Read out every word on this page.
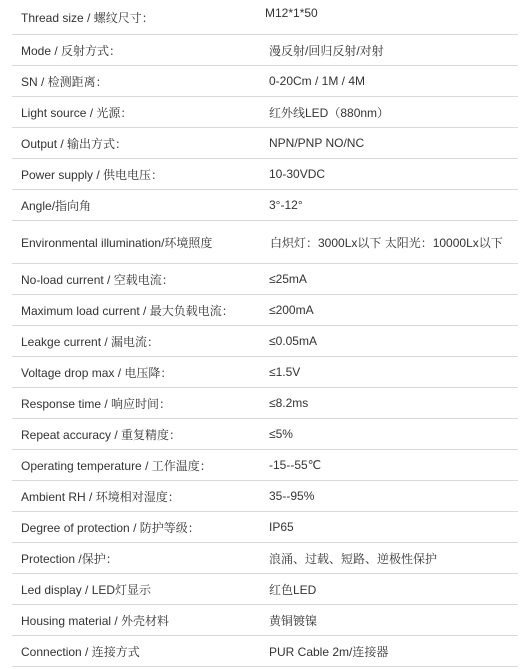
Thread size / 螺纹尺寸：	M12*1*50
Mode / 反射方式：	漫反射/回归反射/对射
SN / 检测距离：	0-20Cm / 1M / 4M
Light source / 光源：	红外线LED（880nm）
Output / 输出方式：	NPN/PNP NO/NC
Power supply / 供电电压：	10-30VDC
Angle/指向角	3°-12°
Environmental illumination/环境照度	白炽灯：3000Lx以下 太阳光：10000Lx以下
No-load current / 空载电流：	≤25mA
Maximum load current / 最大负载电流：	≤200mA
Leakge current / 漏电流：	≤0.05mA
Voltage drop max / 电压降：	≤1.5V
Response time / 响应时间：	≤8.2ms
Repeat accuracy / 重复精度：	≤5%
Operating temperature / 工作温度：	-15--55℃
Ambient RH / 环境相对湿度：	35--95%
Degree of protection / 防护等级：	IP65
Protection /保护：	浪涌、过载、短路、逆极性保护
Led display / LED灯显示	红色LED
Housing material / 外壳材料	黄铜镀镍
Connection / 连接方式	PUR Cable 2m/连接器
